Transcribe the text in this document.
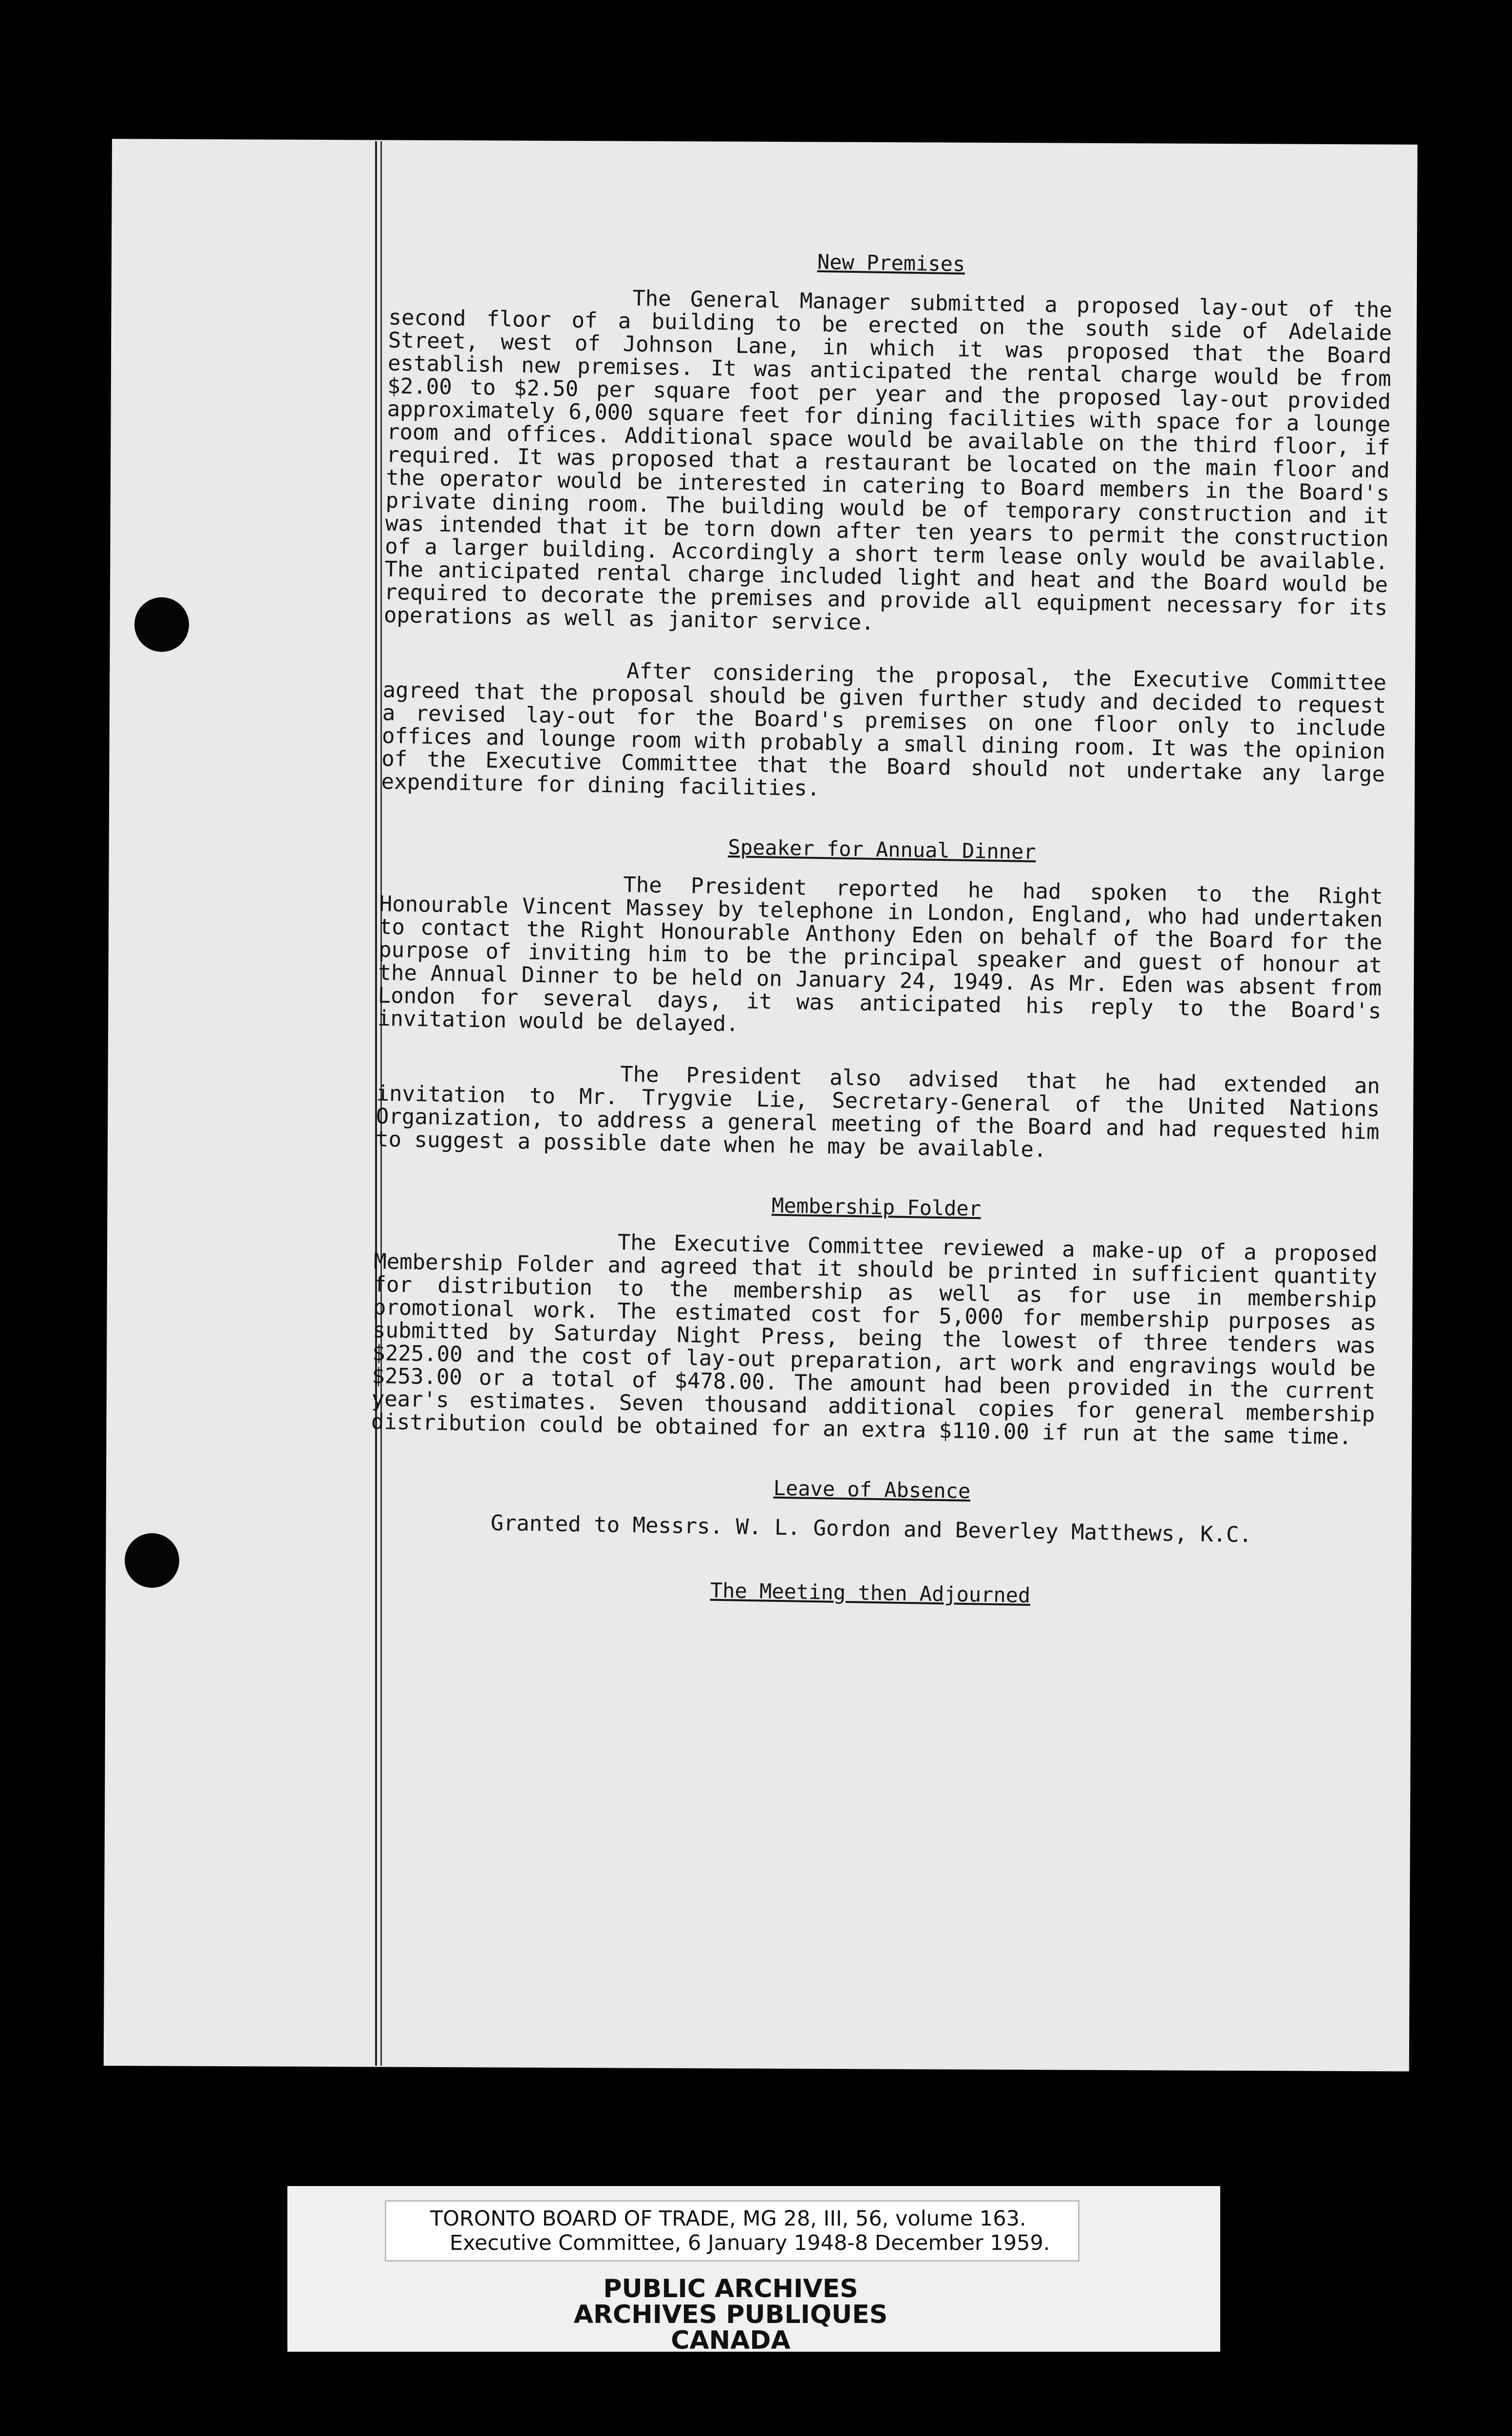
New Premises

The General Manager submitted a proposed lay-out of the second floor of a building to be erected on the south side of Adelaide Street, west of Johnson Lane, in which it was proposed that the Board establish new premises. It was anticipated the rental charge would be from $2.00 to $2.50 per square foot per year and the proposed lay-out provided approximately 6,000 square feet for dining facilities with space for a lounge room and offices. Additional space would be available on the third floor, if required. It was proposed that a restaurant be located on the main floor and the operator would be interested in catering to Board members in the Board's private dining room. The building would be of temporary construction and it was intended that it be torn down after ten years to permit the construction of a larger building. Accordingly a short term lease only would be available. The anticipated rental charge included light and heat and the Board would be required to decorate the premises and provide all equipment necessary for its operations as well as janitor service.

After considering the proposal, the Executive Committee agreed that the proposal should be given further study and decided to request a revised lay-out for the Board's premises on one floor only to include offices and lounge room with probably a small dining room. It was the opinion of the Executive Committee that the Board should not undertake any large expenditure for dining facilities.

Speaker for Annual Dinner

The President reported he had spoken to the Right Honourable Vincent Massey by telephone in London, England, who had undertaken to contact the Right Honourable Anthony Eden on behalf of the Board for the purpose of inviting him to be the principal speaker and guest of honour at the Annual Dinner to be held on January 24, 1949. As Mr. Eden was absent from London for several days, it was anticipated his reply to the Board's invitation would be delayed.

The President also advised that he had extended an invitation to Mr. Trygvie Lie, Secretary-General of the United Nations Organization, to address a general meeting of the Board and had requested him to suggest a possible date when he may be available.

Membership Folder

The Executive Committee reviewed a make-up of a proposed Membership Folder and agreed that it should be printed in sufficient quantity for distribution to the membership as well as for use in membership promotional work. The estimated cost for 5,000 for membership purposes as submitted by Saturday Night Press, being the lowest of three tenders was $225.00 and the cost of lay-out preparation, art work and engravings would be $253.00 or a total of $478.00. The amount had been provided in the current year's estimates. Seven thousand additional copies for general membership distribution could be obtained for an extra $110.00 if run at the same time.

Leave of Absence

Granted to Messrs. W. L. Gordon and Beverley Matthews, K.C.

The Meeting then Adjourned
TORONTO BOARD OF TRADE, MG 28, III, 56, volume 163.
Executive Committee, 6 January 1948-8 December 1959.
PUBLIC ARCHIVES
ARCHIVES PUBLIQUES
CANADA
